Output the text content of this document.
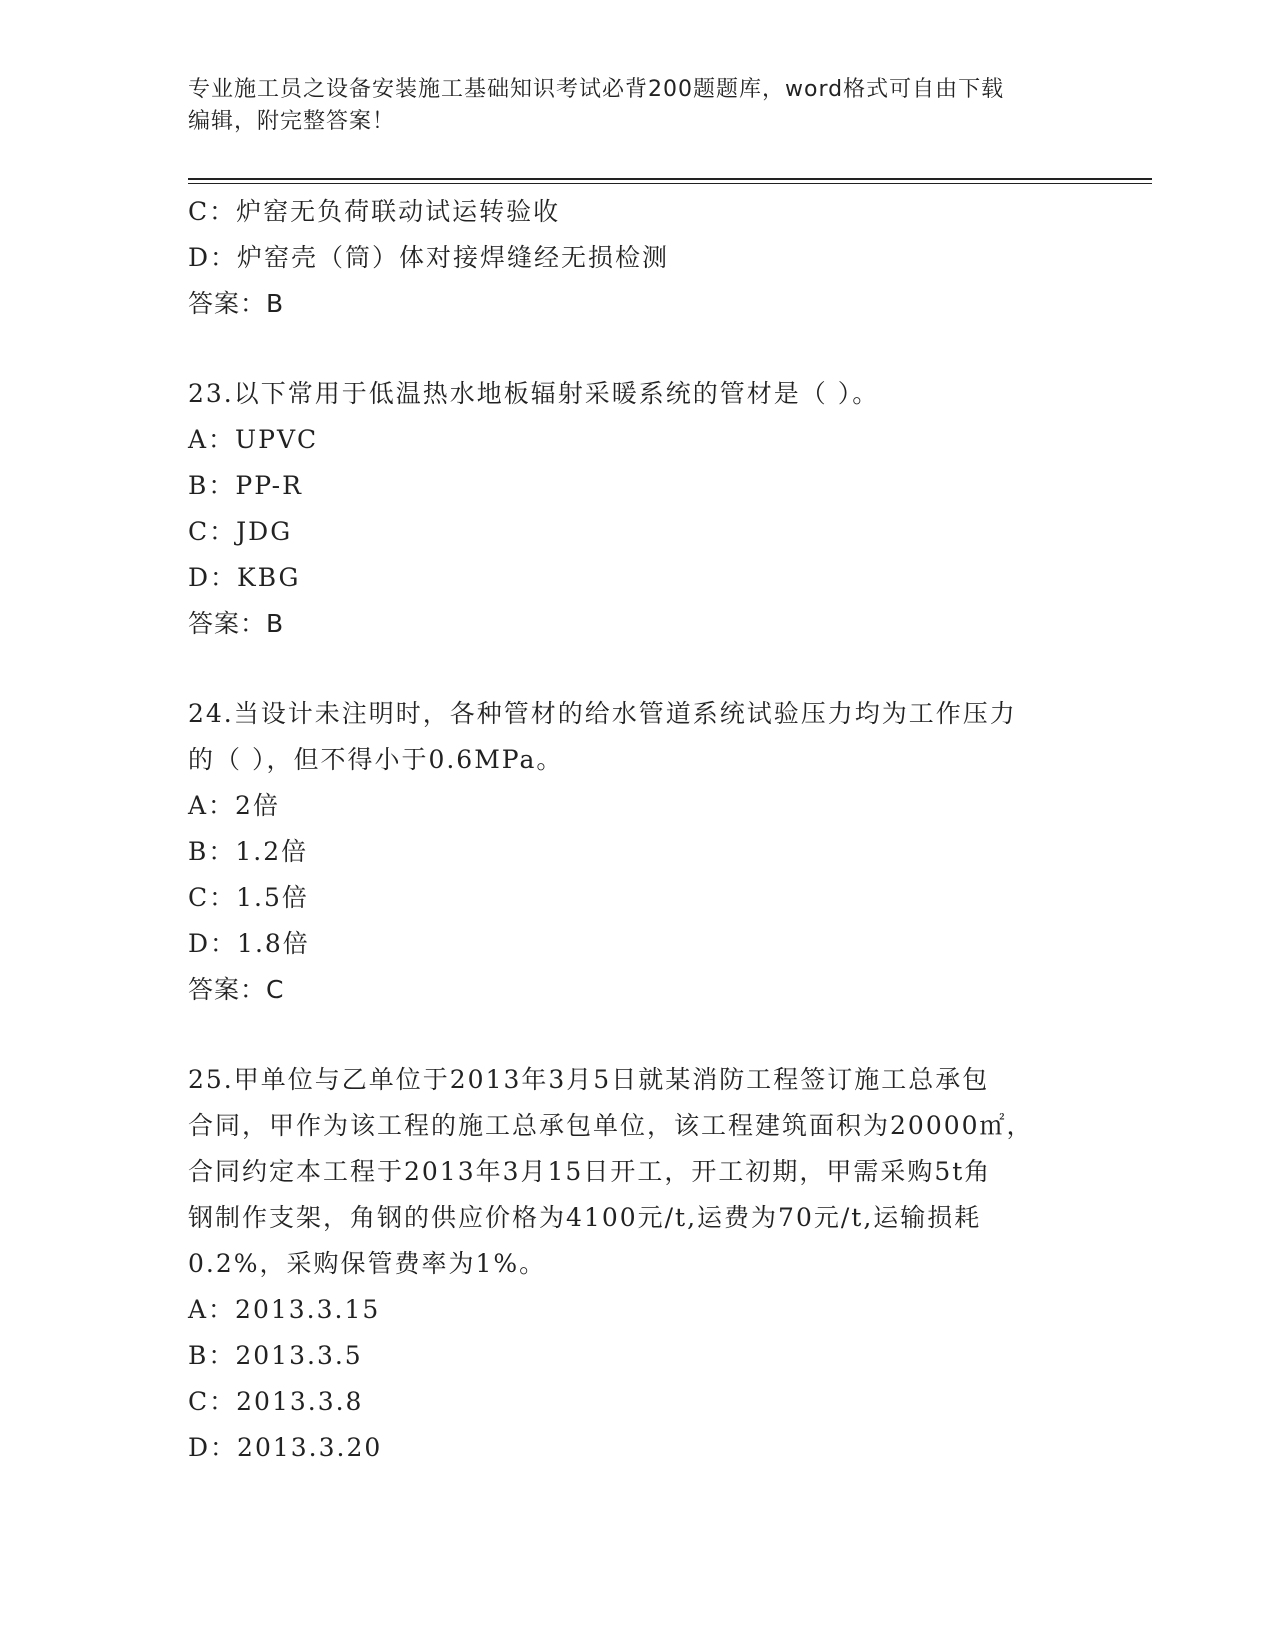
专业施工员之设备安装施工基础知识考试必背200题题库，word格式可自由下载
编辑，附完整答案！
C：炉窑无负荷联动试运转验收
D：炉窑壳（筒）体对接焊缝经无损检测
答案：B
23.以下常用于低温热水地板辐射采暖系统的管材是（ ）。
A：UPVC
B：PP-R
C：JDG
D：KBG
答案：B
24.当设计未注明时，各种管材的给水管道系统试验压力均为工作压力
的（ ），但不得小于0.6MPa。
A：2倍
B：1.2倍
C：1.5倍
D：1.8倍
答案：C
25.甲单位与乙单位于2013年3月5日就某消防工程签订施工总承包
合同，甲作为该工程的施工总承包单位，该工程建筑面积为20000㎡，
合同约定本工程于2013年3月15日开工，开工初期，甲需采购5t角
钢制作支架，角钢的供应价格为4100元/t,运费为70元/t,运输损耗
0.2%，采购保管费率为1%。
A：2013.3.15
B：2013.3.5
C：2013.3.8
D：2013.3.20
